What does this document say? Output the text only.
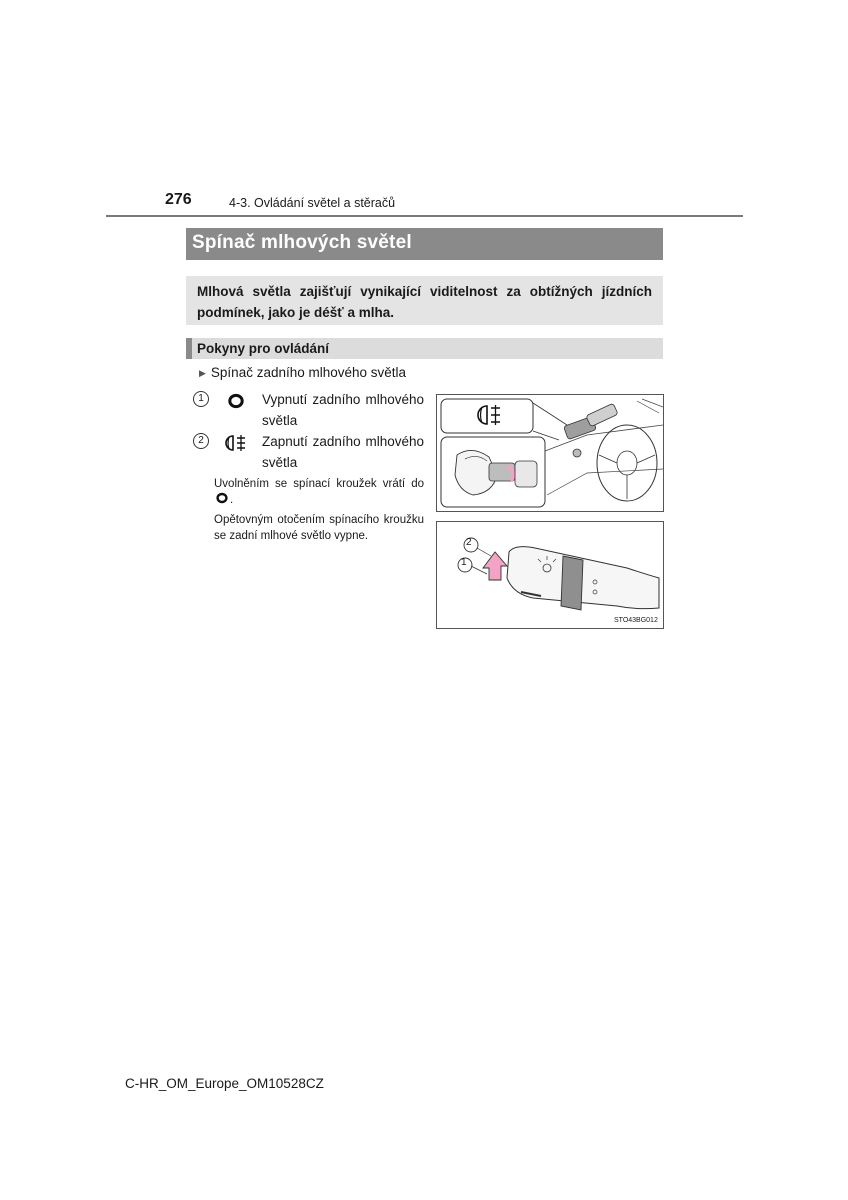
276	4-3. Ovládání světel a stěračů
Spínač mlhových světel
Mlhová světla zajišťují vynikající viditelnost za obtížných jízdních podmínek, jako je déšť a mlha.
Pokyny pro ovládání
▶ Spínač zadního mlhového světla
1	Vypnutí zadního mlhového světla
2	Zapnutí zadního mlhového světla
Uvolněním se spínací kroužek vrátí do .
Opětovným otočením spínacího kroužku se zadní mlhové světlo vypne.
2
1
STO43BG012
C-HR_OM_Europe_OM10528CZ
